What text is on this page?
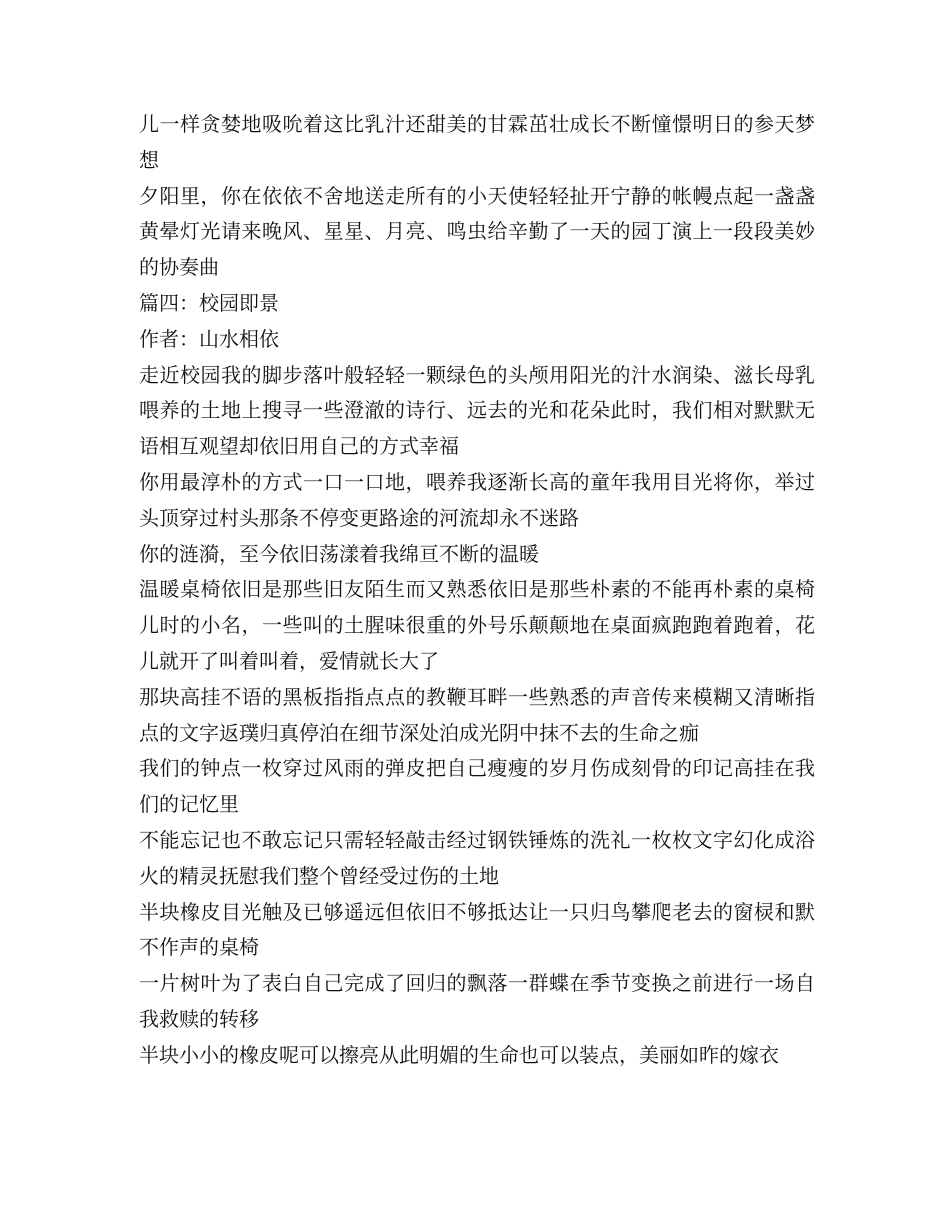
儿一样贪婪地吸吮着这比乳汁还甜美的甘霖茁壮成长不断憧憬明日的参天梦想

夕阳里，你在依依不舍地送走所有的小天使轻轻扯开宁静的帐幔点起一盏盏黄晕灯光请来晚风、星星、月亮、鸣虫给辛勤了一天的园丁演上一段段美妙的协奏曲

篇四：校园即景

作者：山水相依

走近校园我的脚步落叶般轻轻一颗绿色的头颅用阳光的汁水润染、滋长母乳喂养的土地上搜寻一些澄澈的诗行、远去的光和花朵此时，我们相对默默无语相互观望却依旧用自己的方式幸福

你用最淳朴的方式一口一口地，喂养我逐渐长高的童年我用目光将你，举过头顶穿过村头那条不停变更路途的河流却永不迷路

你的涟漪，至今依旧荡漾着我绵亘不断的温暖

温暖桌椅依旧是那些旧友陌生而又熟悉依旧是那些朴素的不能再朴素的桌椅儿时的小名，一些叫的土腥味很重的外号乐颠颠地在桌面疯跑跑着跑着，花儿就开了叫着叫着，爱情就长大了

那块高挂不语的黑板指指点点的教鞭耳畔一些熟悉的声音传来模糊又清晰指点的文字返璞归真停泊在细节深处泊成光阴中抹不去的生命之痂

我们的钟点一枚穿过风雨的弹皮把自己瘦瘦的岁月伤成刻骨的印记高挂在我们的记忆里

不能忘记也不敢忘记只需轻轻敲击经过钢铁锤炼的洗礼一枚枚文字幻化成浴火的精灵抚慰我们整个曾经受过伤的土地

半块橡皮目光触及已够遥远但依旧不够抵达让一只归鸟攀爬老去的窗棂和默不作声的桌椅

一片树叶为了表白自己完成了回归的飘落一群蝶在季节变换之前进行一场自我救赎的转移

半块小小的橡皮呢可以擦亮从此明媚的生命也可以装点，美丽如昨的嫁衣
